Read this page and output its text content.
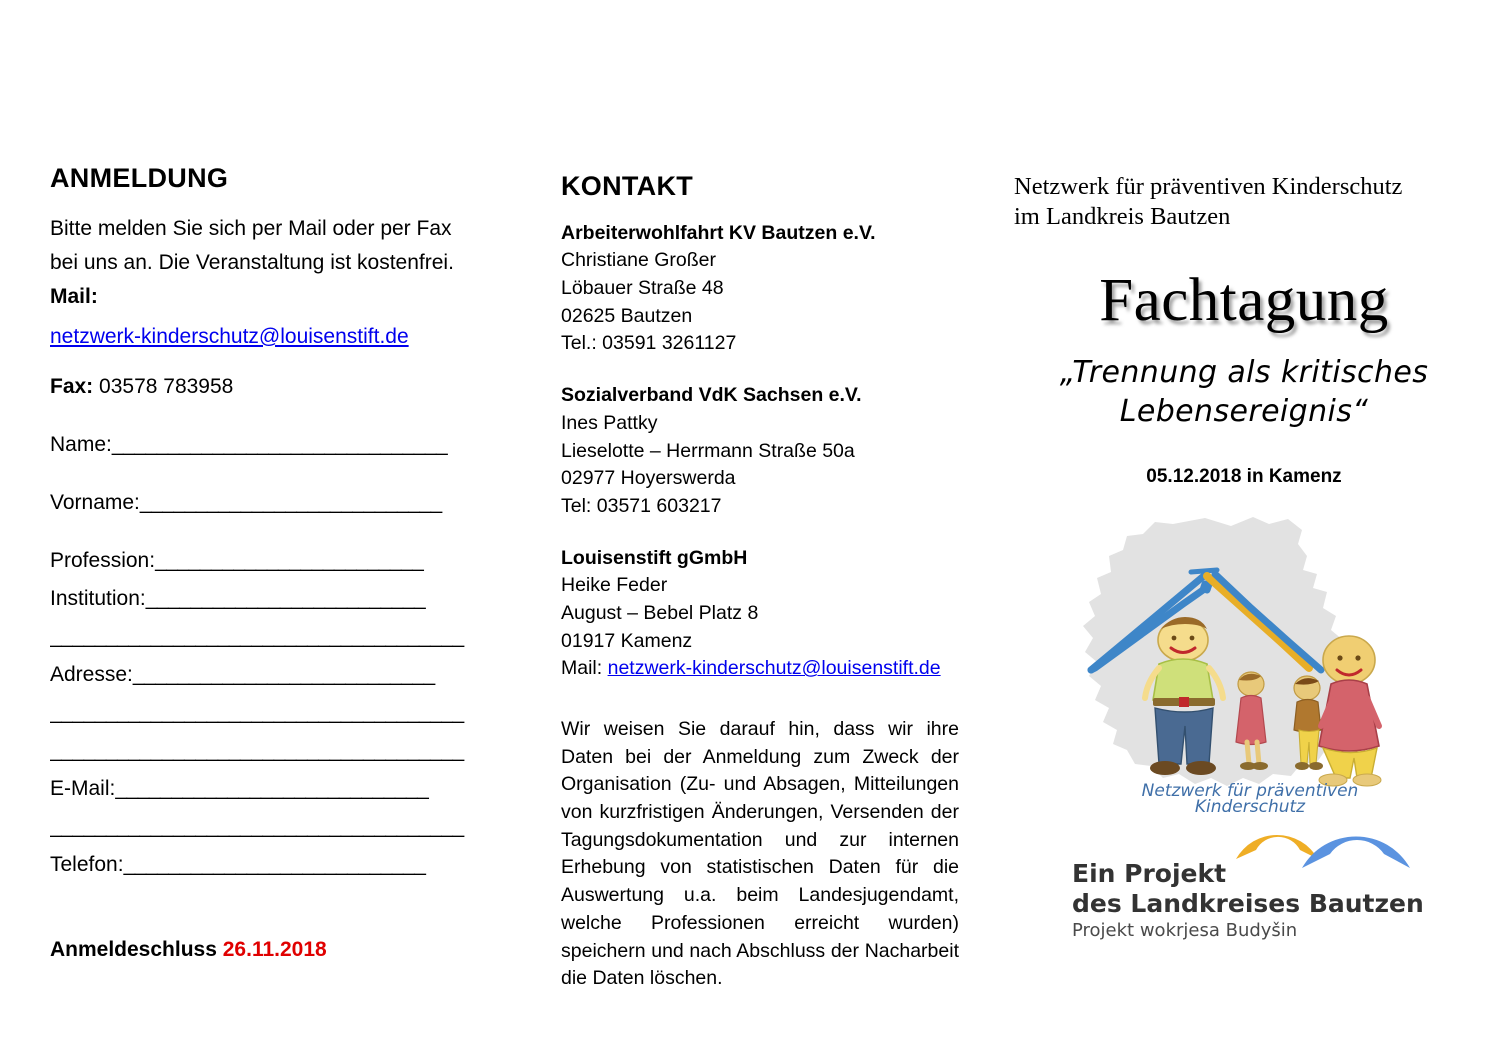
ANMELDUNG

Bitte melden Sie sich per Mail oder per Fax

bei uns an. Die Veranstaltung ist kostenfrei.

Mail:
netzwerk-kinderschutz@louisenstift.de
Fax: 03578 783958
Name:______________________________
Vorname:___________________________
Profession:________________________
Institution:_________________________
_____________________________________
Adresse:___________________________
_____________________________________
_____________________________________
E-Mail:____________________________
_____________________________________
Telefon:___________________________
Anmeldeschluss 26.11.2018
KONTAKT
Arbeiterwohlfahrt KV Bautzen e.V.
Christiane Großer
Löbauer Straße 48
02625 Bautzen
Tel.: 03591 3261127
Sozialverband VdK Sachsen e.V.
Ines Pattky
Lieselotte – Herrmann Straße 50a
02977 Hoyerswerda
Tel: 03571 603217
Louisenstift gGmbH
Heike Feder
August – Bebel Platz 8
01917 Kamenz
Mail: netzwerk-kinderschutz@louisenstift.de
Wir weisen Sie darauf hin, dass wir ihre Daten bei der Anmeldung zum Zweck der Organisation (Zu- und Absagen, Mitteilungen von kurzfristigen Änderungen, Versenden der Tagungsdokumentation und zur internen Erhebung von statistischen Daten für die Auswertung u.a. beim Landesjugendamt, welche Professionen erreicht wurden) speichern und nach Abschluss der Nacharbeit die Daten löschen.
Netzwerk für präventiven Kinderschutz
im Landkreis Bautzen
Fachtagung
„Trennung als kritisches
Lebensereignis“
05.12.2018 in Kamenz
Netzwerk für präventiven
Kinderschutz
Ein Projekt
des Landkreises Bautzen
Projekt wokrjesa Budyšin
